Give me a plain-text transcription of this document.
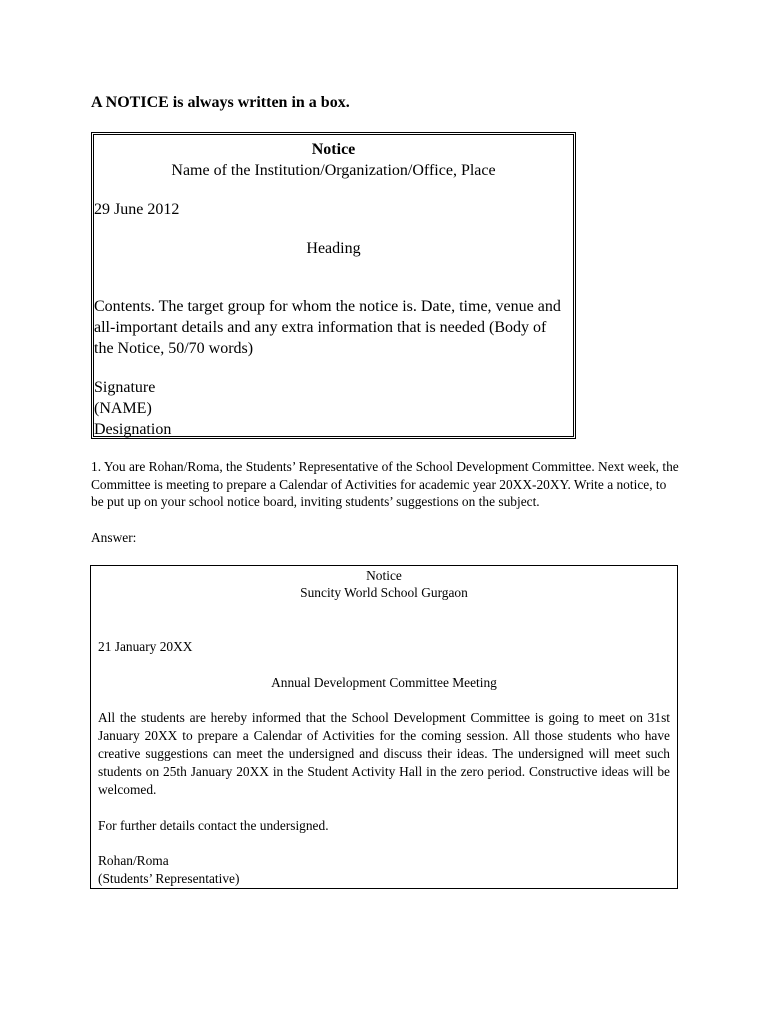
A NOTICE is always written in a box.

Notice
Name of the Institution/Organization/Office, Place
29 June 2012
Heading
Contents. The target group for whom the notice is. Date, time, venue and all-important details and any extra information that is needed (Body of the Notice, 50/70 words)
Signature
(NAME)
Designation
1. You are Rohan/Roma, the Students’ Representative of the School Development Committee. Next week, the Committee is meeting to prepare a Calendar of Activities for academic year 20XX-20XY. Write a notice, to be put up on your school notice board, inviting students’ suggestions on the subject.
Answer:
Notice
Suncity World School Gurgaon
21 January 20XX
Annual Development Committee Meeting
All the students are hereby informed that the School Development Committee is going to meet on 31st January 20XX to prepare a Calendar of Activities for the coming session. All those students who have creative suggestions can meet the undersigned and discuss their ideas. The undersigned will meet such students on 25th January 20XX in the Student Activity Hall in the zero period. Constructive ideas will be welcomed.
For further details contact the undersigned.
Rohan/Roma
(Students’ Representative)
